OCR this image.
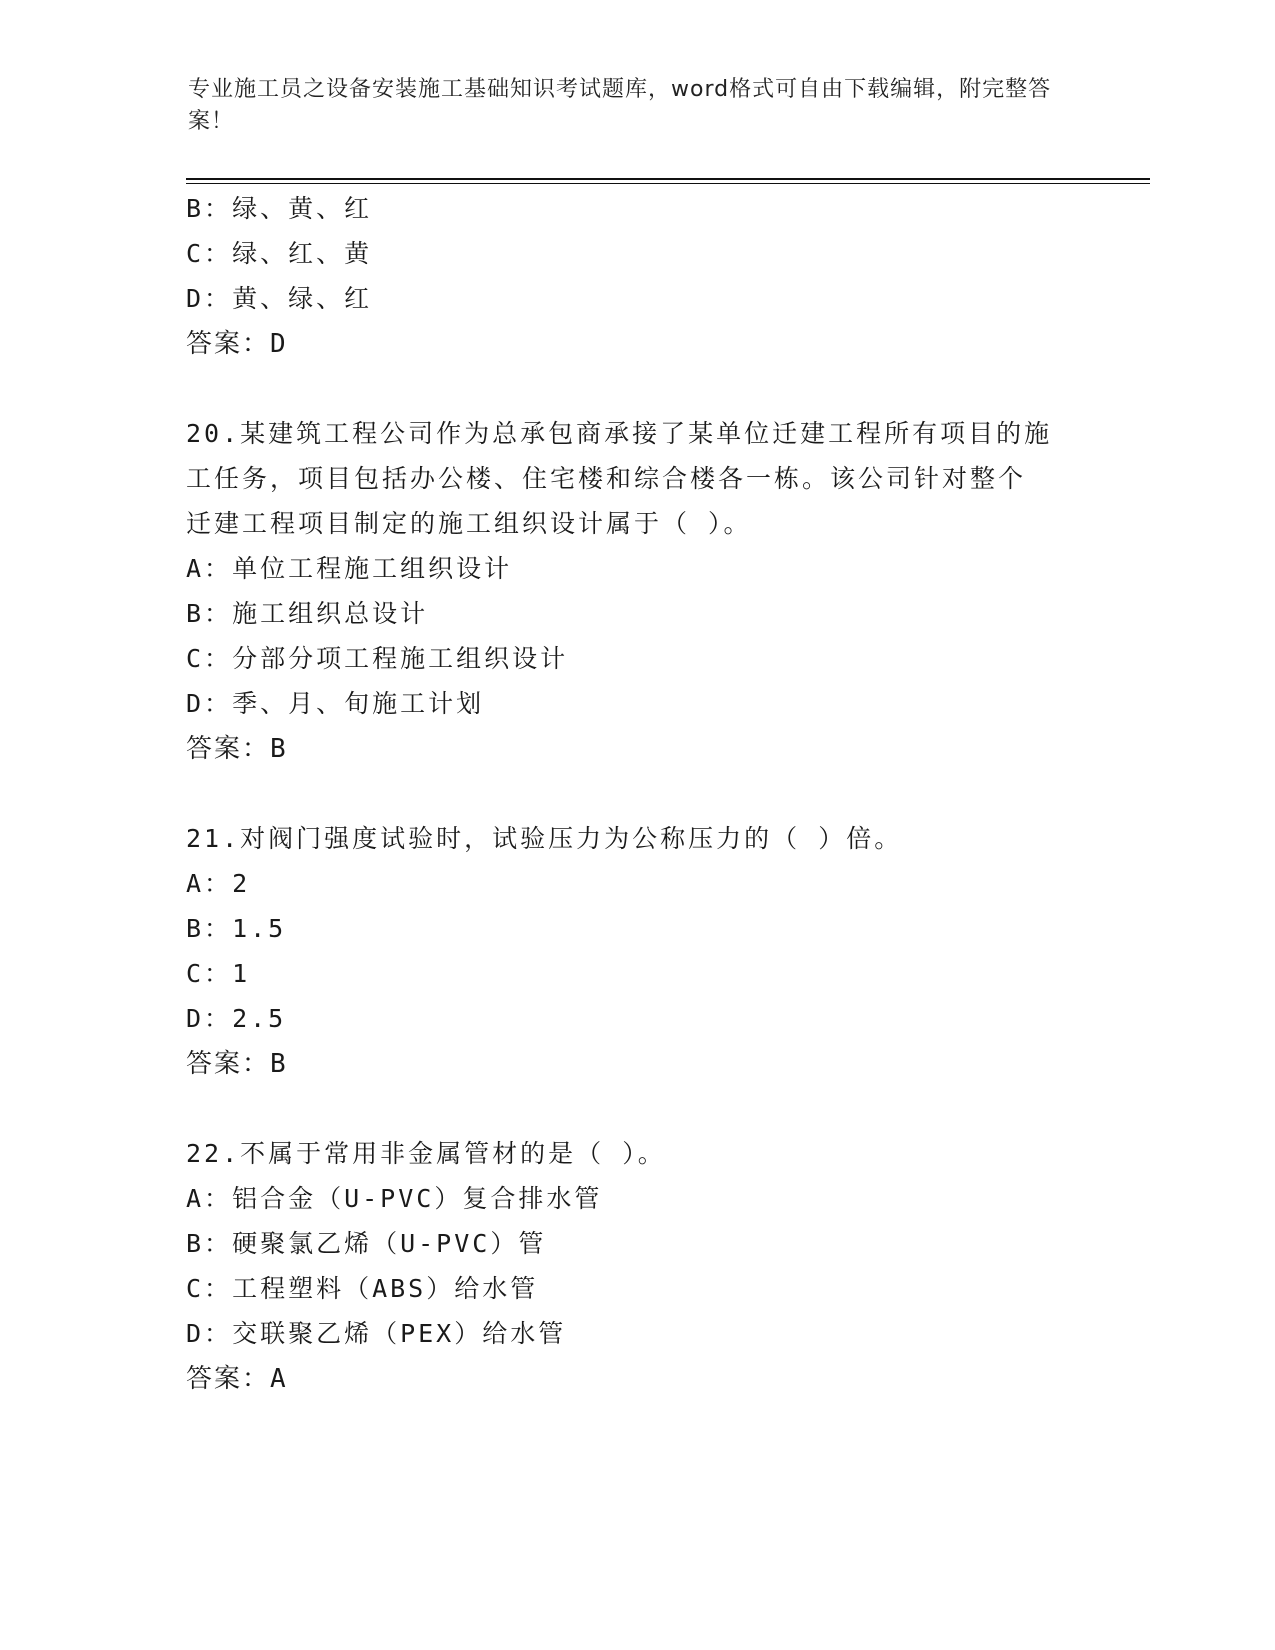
专业施工员之设备安装施工基础知识考试题库，word格式可自由下载编辑，附完整答案！
B：绿、黄、红
C：绿、红、黄
D：黄、绿、红
答案：D
20.某建筑工程公司作为总承包商承接了某单位迁建工程所有项目的施
工任务，项目包括办公楼、住宅楼和综合楼各一栋。该公司针对整个
迁建工程项目制定的施工组织设计属于（ ）。
A：单位工程施工组织设计
B：施工组织总设计
C：分部分项工程施工组织设计
D：季、月、旬施工计划
答案：B
21.对阀门强度试验时，试验压力为公称压力的（ ）倍。
A：2
B：1.5
C：1
D：2.5
答案：B
22.不属于常用非金属管材的是（ ）。
A：铝合金（U-PVC）复合排水管
B：硬聚氯乙烯（U-PVC）管
C：工程塑料（ABS）给水管
D：交联聚乙烯（PEX）给水管
答案：A
